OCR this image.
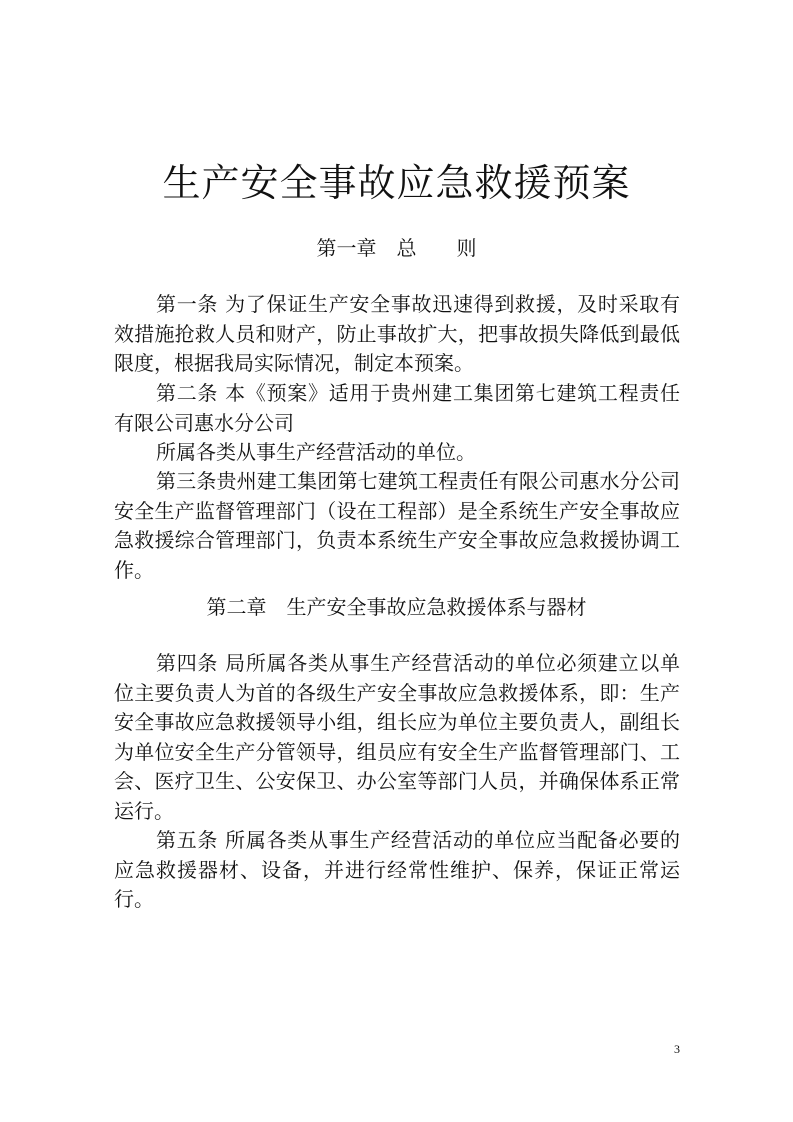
生产安全事故应急救援预案
第一章　总　　则

第一条 为了保证生产安全事故迅速得到救援，及时采取有效措施抢救人员和财产，防止事故扩大，把事故损失降低到最低限度，根据我局实际情况，制定本预案。

第二条 本《预案》适用于贵州建工集团第七建筑工程责任有限公司惠水分公司

所属各类从事生产经营活动的单位。

第三条贵州建工集团第七建筑工程责任有限公司惠水分公司安全生产监督管理部门（设在工程部）是全系统生产安全事故应急救援综合管理部门，负责本系统生产安全事故应急救援协调工作。

第二章　生产安全事故应急救援体系与器材

第四条 局所属各类从事生产经营活动的单位必须建立以单位主要负责人为首的各级生产安全事故应急救援体系，即：生产安全事故应急救援领导小组，组长应为单位主要负责人，副组长为单位安全生产分管领导，组员应有安全生产监督管理部门、工会、医疗卫生、公安保卫、办公室等部门人员，并确保体系正常运行。

第五条 所属各类从事生产经营活动的单位应当配备必要的应急救援器材、设备，并进行经常性维护、保养，保证正常运行。

3
